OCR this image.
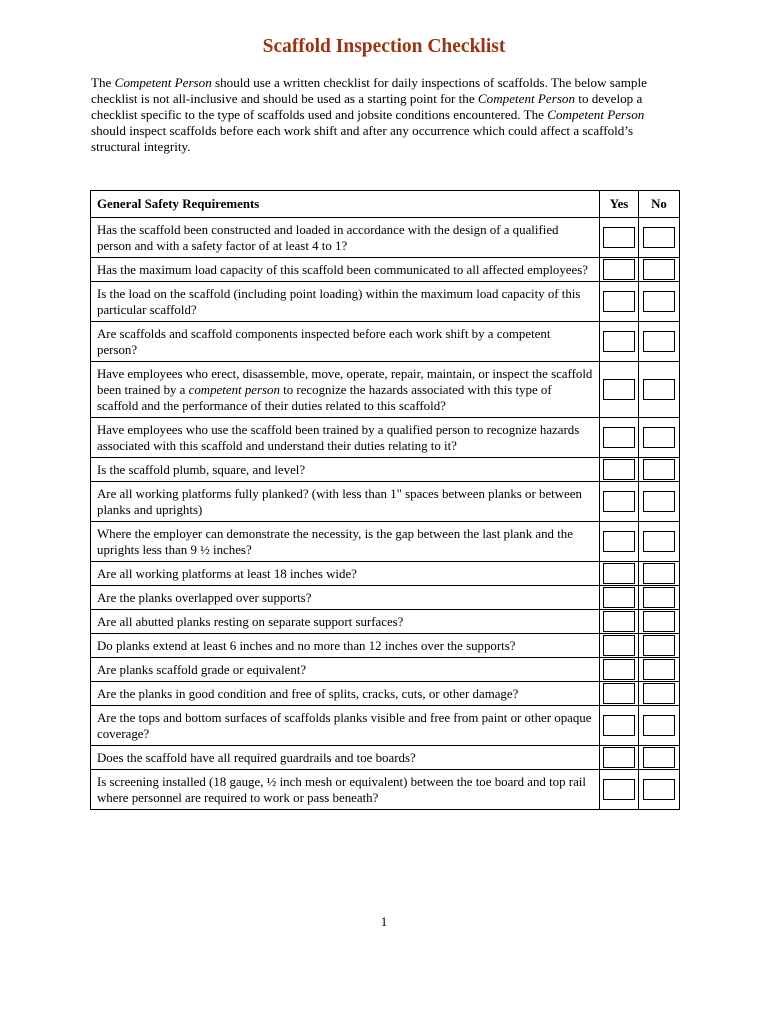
Scaffold Inspection Checklist

The Competent Person should use a written checklist for daily inspections of scaffolds. The below sample checklist is not all-inclusive and should be used as a starting point for the Competent Person to develop a checklist specific to the type of scaffolds used and jobsite conditions encountered. The Competent Person should inspect scaffolds before each work shift and after any occurrence which could affect a scaffold’s structural integrity.

General Safety Requirements	Yes	No
Has the scaffold been constructed and loaded in accordance with the design of a qualified person and with a safety factor of at least 4 to 1?		
Has the maximum load capacity of this scaffold been communicated to all affected employees?		
Is the load on the scaffold (including point loading) within the maximum load capacity of this particular scaffold?		
Are scaffolds and scaffold components inspected before each work shift by a competent person?		
Have employees who erect, disassemble, move, operate, repair, maintain, or inspect the scaffold been trained by a competent person to recognize the hazards associated with this type of scaffold and the performance of their duties related to this scaffold?		
Have employees who use the scaffold been trained by a qualified person to recognize hazards associated with this scaffold and understand their duties relating to it?		
Is the scaffold plumb, square, and level?		
Are all working platforms fully planked? (with less than 1" spaces between planks or between planks and uprights)		
Where the employer can demonstrate the necessity, is the gap between the last plank and the uprights less than 9 ½ inches?		
Are all working platforms at least 18 inches wide?		
Are the planks overlapped over supports?		
Are all abutted planks resting on separate support surfaces?		
Do planks extend at least 6 inches and no more than 12 inches over the supports?		
Are planks scaffold grade or equivalent?		
Are the planks in good condition and free of splits, cracks, cuts, or other damage?		
Are the tops and bottom surfaces of scaffolds planks visible and free from paint or other opaque coverage?		
Does the scaffold have all required guardrails and toe boards?		
Is screening installed (18 gauge, ½ inch mesh or equivalent) between the toe board and top rail where personnel are required to work or pass beneath?		
1
